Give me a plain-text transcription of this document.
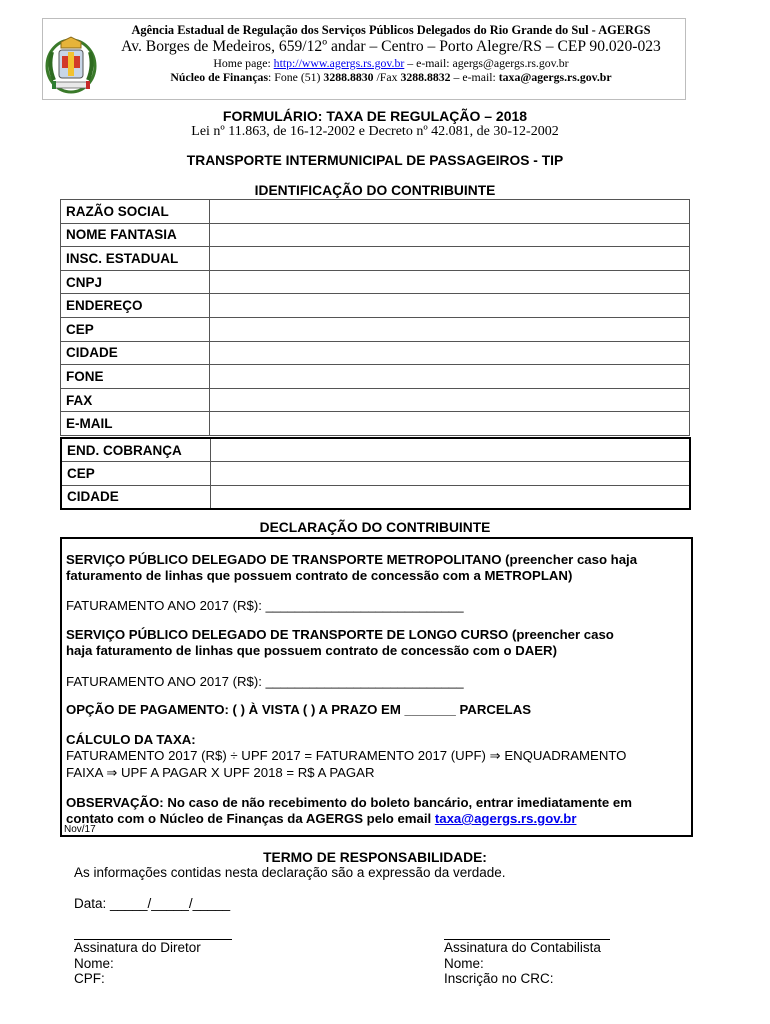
Agência Estadual de Regulação dos Serviços Públicos Delegados do Rio Grande do Sul - AGERGS
Av. Borges de Medeiros, 659/12º andar – Centro – Porto Alegre/RS – CEP 90.020-023
Home page: http://www.agergs.rs.gov.br – e-mail: agergs@agergs.rs.gov.br
Núcleo de Finanças: Fone (51) 3288.8830 /Fax 3288.8832 – e-mail: taxa@agergs.rs.gov.br
FORMULÁRIO: TAXA DE REGULAÇÃO – 2018
Lei nº 11.863, de 16-12-2002 e Decreto nº 42.081, de 30-12-2002
TRANSPORTE INTERMUNICIPAL DE PASSAGEIROS - TIP
IDENTIFICAÇÃO DO CONTRIBUINTE
RAZÃO SOCIAL	
NOME FANTASIA	
INSC. ESTADUAL	
CNPJ	
ENDEREÇO	
CEP	
CIDADE	
FONE	
FAX	
E-MAIL	
END. COBRANÇA	
CEP	
CIDADE	
DECLARAÇÃO DO CONTRIBUINTE
SERVIÇO PÚBLICO DELEGADO DE TRANSPORTE METROPOLITANO (preencher caso haja
faturamento de linhas que possuem contrato de concessão com a METROPLAN)
FATURAMENTO ANO 2017 (R$): ___________________________
SERVIÇO PÚBLICO DELEGADO DE TRANSPORTE DE LONGO CURSO (preencher caso
haja faturamento de linhas que possuem contrato de concessão com o DAER)
FATURAMENTO ANO 2017 (R$): ___________________________
OPÇÃO DE PAGAMENTO: ( ) À VISTA ( ) A PRAZO EM _______ PARCELAS
CÁLCULO DA TAXA:
FATURAMENTO 2017 (R$) ÷ UPF 2017 = FATURAMENTO 2017 (UPF) ⇒ ENQUADRAMENTO
FAIXA ⇒ UPF A PAGAR X UPF 2018 = R$ A PAGAR
OBSERVAÇÃO: No caso de não recebimento do boleto bancário, entrar imediatamente em
contato com o Núcleo de Finanças da AGERGS pelo email taxa@agergs.rs.gov.br
Nov/17
TERMO DE RESPONSABILIDADE:
As informações contidas nesta declaração são a expressão da verdade.
Data: _____/_____/_____
Assinatura do Diretor
Nome:
CPF:
Assinatura do Contabilista
Nome:
Inscrição no CRC:
